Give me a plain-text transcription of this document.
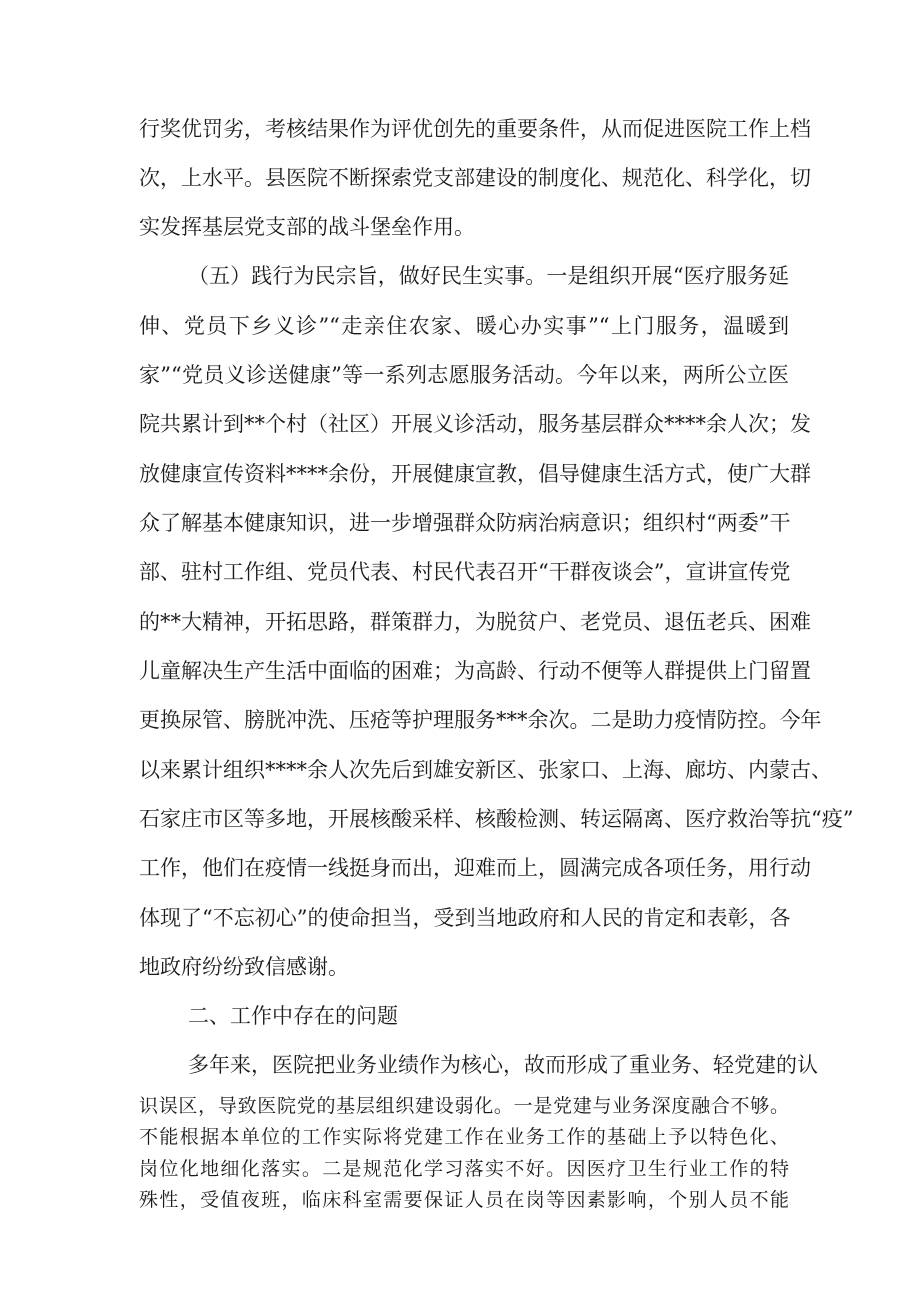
行奖优罚劣，考核结果作为评优创先的重要条件，从而促进医院工作上档
次，上水平。县医院不断探索党支部建设的制度化、规范化、科学化，切
实发挥基层党支部的战斗堡垒作用。
（五）践行为民宗旨，做好民生实事。一是组织开展“医疗服务延
伸、党员下乡义诊”“走亲住农家、暖心办实事”“上门服务，温暖到
家”“党员义诊送健康”等一系列志愿服务活动。今年以来，两所公立医
院共累计到**个村（社区）开展义诊活动，服务基层群众****余人次；发
放健康宣传资料****余份，开展健康宣教，倡导健康生活方式，使广大群
众了解基本健康知识，进一步增强群众防病治病意识；组织村“两委”干
部、驻村工作组、党员代表、村民代表召开“干群夜谈会”，宣讲宣传党
的**大精神，开拓思路，群策群力，为脱贫户、老党员、退伍老兵、困难
儿童解决生产生活中面临的困难；为高龄、行动不便等人群提供上门留置
更换尿管、膀胱冲洗、压疮等护理服务***余次。二是助力疫情防控。今年
以来累计组织****余人次先后到雄安新区、张家口、上海、廊坊、内蒙古、
石家庄市区等多地，开展核酸采样、核酸检测、转运隔离、医疗救治等抗“疫”
工作，他们在疫情一线挺身而出，迎难而上，圆满完成各项任务，用行动
体现了“不忘初心”的使命担当，受到当地政府和人民的肯定和表彰，各
地政府纷纷致信感谢。
二、工作中存在的问题
多年来，医院把业务业绩作为核心，故而形成了重业务、轻党建的认
识误区，导致医院党的基层组织建设弱化。一是党建与业务深度融合不够。
不能根据本单位的工作实际将党建工作在业务工作的基础上予以特色化、
岗位化地细化落实。二是规范化学习落实不好。因医疗卫生行业工作的特
殊性，受值夜班，临床科室需要保证人员在岗等因素影响，个别人员不能
